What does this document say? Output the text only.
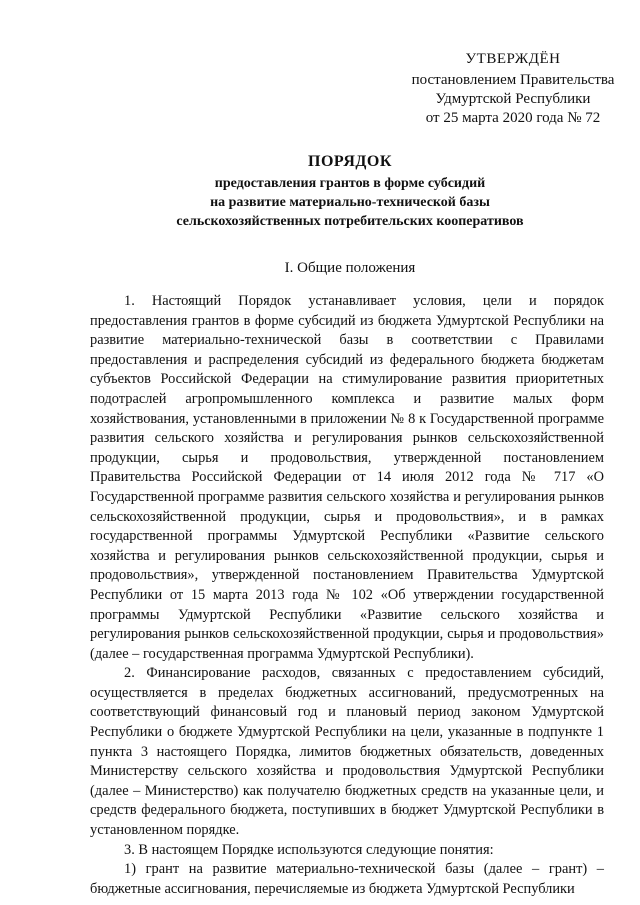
УТВЕРЖДЁН
постановлением Правительства
Удмуртской Республики
от 25 марта 2020 года № 72
ПОРЯДОК
предоставления грантов в форме субсидий
на развитие материально-технической базы
сельскохозяйственных потребительских кооперативов
I. Общие положения

1. Настоящий Порядок устанавливает условия, цели и порядок предоставления грантов в форме субсидий из бюджета Удмуртской Республики на развитие материально-технической базы в соответствии с Правилами предоставления и распределения субсидий из федерального бюджета бюджетам субъектов Российской Федерации на стимулирование развития приоритетных подотраслей агропромышленного комплекса и развитие малых форм хозяйствования, установленными в приложении № 8 к Государственной программе развития сельского хозяйства и регулирования рынков сельскохозяйственной продукции, сырья и продовольствия, утвержденной постановлением Правительства Российской Федерации от 14 июля 2012 года № 717 «О Государственной программе развития сельского хозяйства и регулирования рынков сельскохозяйственной продукции, сырья и продовольствия», и в рамках государственной программы Удмуртской Республики «Развитие сельского хозяйства и регулирования рынков сельскохозяйственной продукции, сырья и продовольствия», утвержденной постановлением Правительства Удмуртской Республики от 15 марта 2013 года № 102 «Об утверждении государственной программы Удмуртской Республики «Развитие сельского хозяйства и регулирования рынков сельскохозяйственной продукции, сырья и продовольствия» (далее – государственная программа Удмуртской Республики).

2. Финансирование расходов, связанных с предоставлением субсидий, осуществляется в пределах бюджетных ассигнований, предусмотренных на соответствующий финансовый год и плановый период законом Удмуртской Республики о бюджете Удмуртской Республики на цели, указанные в подпункте 1 пункта 3 настоящего Порядка, лимитов бюджетных обязательств, доведенных Министерству сельского хозяйства и продовольствия Удмуртской Республики (далее – Министерство) как получателю бюджетных средств на указанные цели, и средств федерального бюджета, поступивших в бюджет Удмуртской Республики в установленном порядке.

3. В настоящем Порядке используются следующие понятия:

1) грант на развитие материально-технической базы (далее – грант) – бюджетные ассигнования, перечисляемые из бюджета Удмуртской Республики
